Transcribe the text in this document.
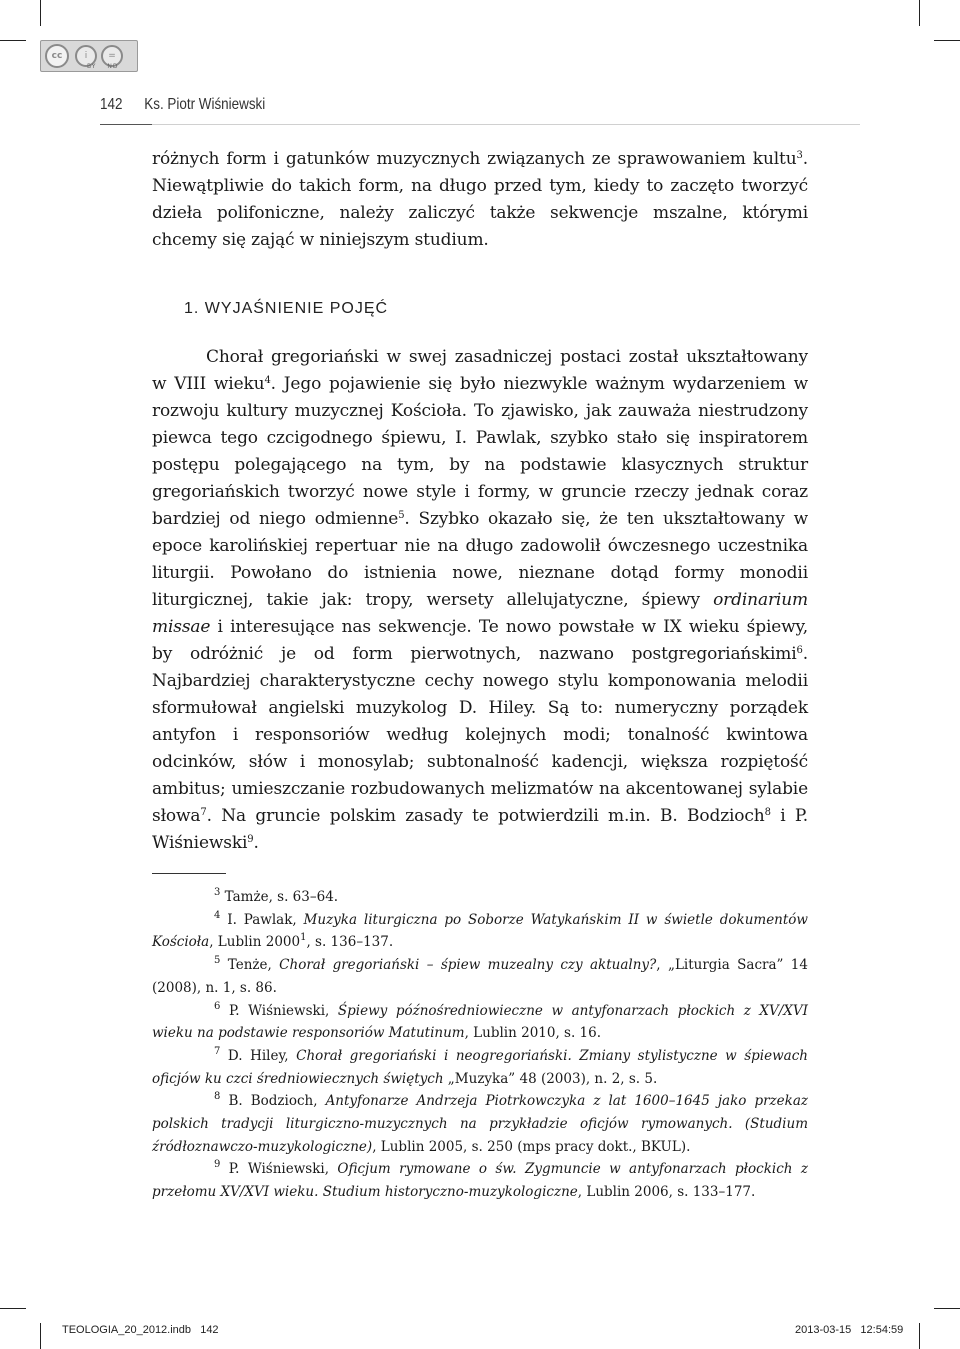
cc	i	=
BY ND
142 Ks. Piotr Wiśniewski
różnych form i gatunków muzycznych związanych ze sprawowaniem kultu$^3$. Niewątpliwie do takich form, na długo przed tym, kiedy to zaczęto tworzyć dzieła polifoniczne, należy zaliczyć także sekwencje mszalne, którymi chcemy się zająć w niniejszym studium.
1. WYJAŚNIENIE POJĘĆ
Chorał gregoriański w swej zasadniczej postaci został ukształtowany w VIII wieku$^4$. Jego pojawienie się było niezwykle ważnym wydarzeniem w rozwoju kultury muzycznej Kościoła. To zjawisko, jak zauważa niestrudzony piewca tego czcigodnego śpiewu, I. Pawlak, szybko stało się inspiratorem postępu polegającego na tym, by na podstawie klasycznych struktur gregoriańskich tworzyć nowe style i formy, w gruncie rzeczy jednak coraz bardziej od niego odmienne$^5$. Szybko okazało się, że ten ukształtowany w epoce karolińskiej repertuar nie na długo zadowolił ówczesnego uczestnika liturgii. Powołano do istnienia nowe, nieznane dotąd formy monodii liturgicznej, takie jak: tropy, wersety allelujatyczne, śpiewy ordinarium missae i interesujące nas sekwencje. Te nowo powstałe w IX wieku śpiewy, by odróżnić je od form pierwotnych, nazwano postgregoriańskimi$^6$. Najbardziej charakterystyczne cechy nowego stylu komponowania melodii sformułował angielski muzykolog D. Hiley. Są to: numeryczny porządek antyfon i responsoriów według kolejnych modi; tonalność kwintowa odcinków, słów i monosylab; subtonalność kadencji, większa rozpiętość ambitus; umieszczanie rozbudowanych melizmatów na akcentowanej sylabie słowa$^7$. Na gruncie polskim zasady te potwierdzili m.in. B. Bodzioch$^8$ i P. Wiśniewski$^9$.

$^3$ Tamże, s. 63–64.

$^4$ I. Pawlak, Muzyka liturgiczna po Soborze Watykańskim II w świetle dokumentów Kościoła, Lublin 2000$^1$, s. 136–137.

$^5$ Tenże, Chorał gregoriański – śpiew muzealny czy aktualny?, „Liturgia Sacra” 14 (2008), n. 1, s. 86.

$^6$ P. Wiśniewski, Śpiewy późnośredniowieczne w antyfonarzach płockich z XV/XVI wieku na podstawie responsoriów Matutinum, Lublin 2010, s. 16.

$^7$ D. Hiley, Chorał gregoriański i neogregoriański. Zmiany stylistyczne w śpiewach oficjów ku czci średniowiecznych świętych „Muzyka” 48 (2003), n. 2, s. 5.

$^8$ B. Bodzioch, Antyfonarze Andrzeja Piotrkowczyka z lat 1600–1645 jako przekaz polskich tradycji liturgiczno-muzycznych na przykładzie oficjów rymowanych. (Studium źródłoznawczo-muzykologiczne), Lublin 2005, s. 250 (mps pracy dokt., BKUL).

$^9$ P. Wiśniewski, Oficjum rymowane o św. Zygmuncie w antyfonarzach płockich z przełomu XV/XVI wieku. Studium historyczno-muzykologiczne, Lublin 2006, s. 133–177.

TEOLOGIA_20_2012.indb   142	2013-03-15   12:54:59
